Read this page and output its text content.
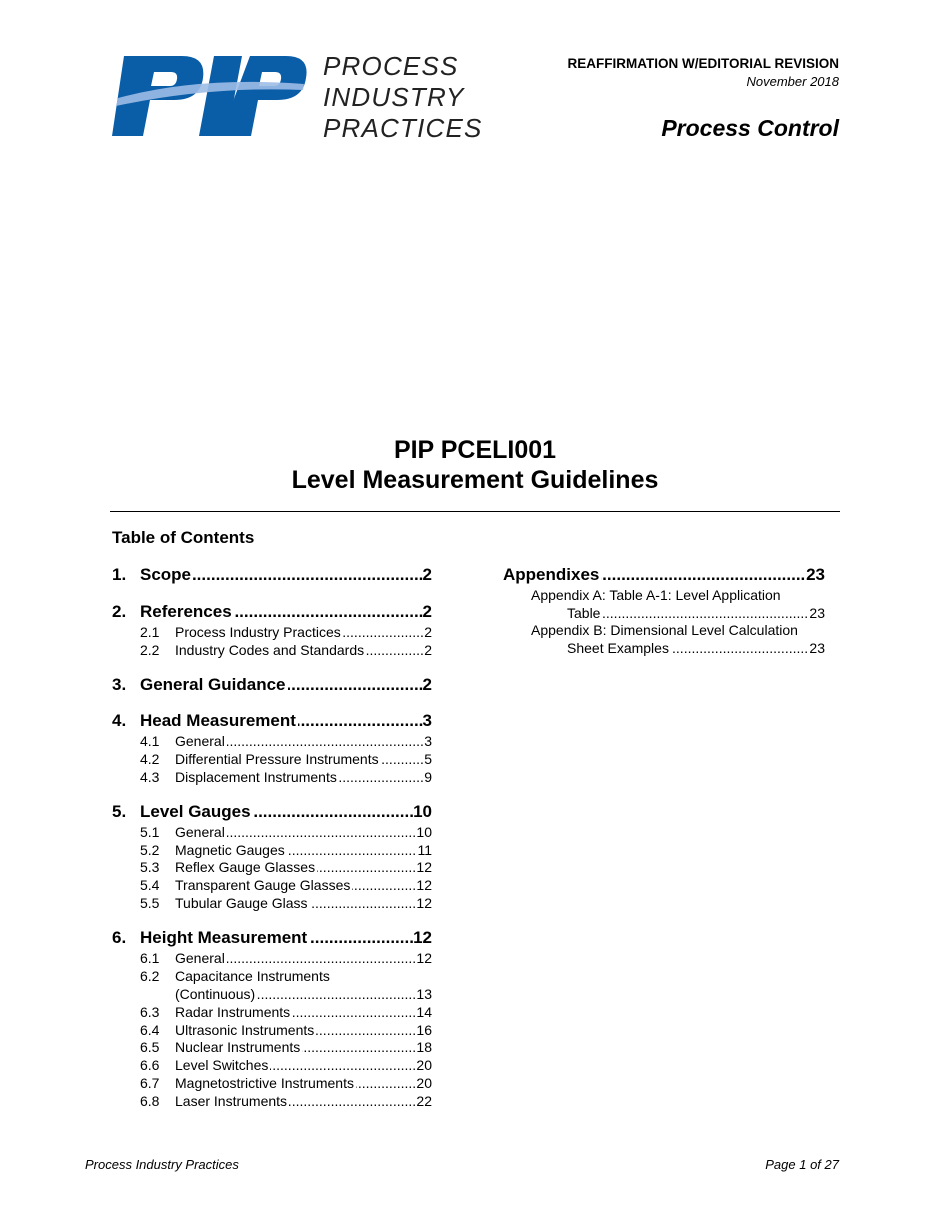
PROCESS
INDUSTRY
PRACTICES
REAFFIRMATION W/EDITORIAL REVISION
November 2018
Process Control
PIP PCELI001
Level Measurement Guidelines
Table of Contents
1. Scope .....	2
2. References .....	2
2.1	Process Industry Practices .....	2
2.2	Industry Codes and Standards .....	2
3. General Guidance .....	2
4. Head Measurement .....	3
4.1	General .....	3
4.2	Differential Pressure Instruments .....	5
4.3	Displacement Instruments .....	9
5. Level Gauges .....	10
5.1	General .....	10
5.2	Magnetic Gauges .....	11
5.3	Reflex Gauge Glasses .....	12
5.4	Transparent Gauge Glasses .....	12
5.5	Tubular Gauge Glass .....	12
6. Height Measurement .....	12
6.1	General .....	12
6.2 Capacitance Instruments
(Continuous) .....	13
6.3	Radar Instruments .....	14
6.4	Ultrasonic Instruments .....	16
6.5	Nuclear Instruments .....	18
6.6	Level Switches .....	20
6.7	Magnetostrictive Instruments .....	20
6.8	Laser Instruments .....	22
Appendixes .....	23
Appendix A: Table A-1: Level Application
Table .....	23
Appendix B: Dimensional Level Calculation
Sheet Examples .....	23
Process Industry Practices	Page 1 of 27
